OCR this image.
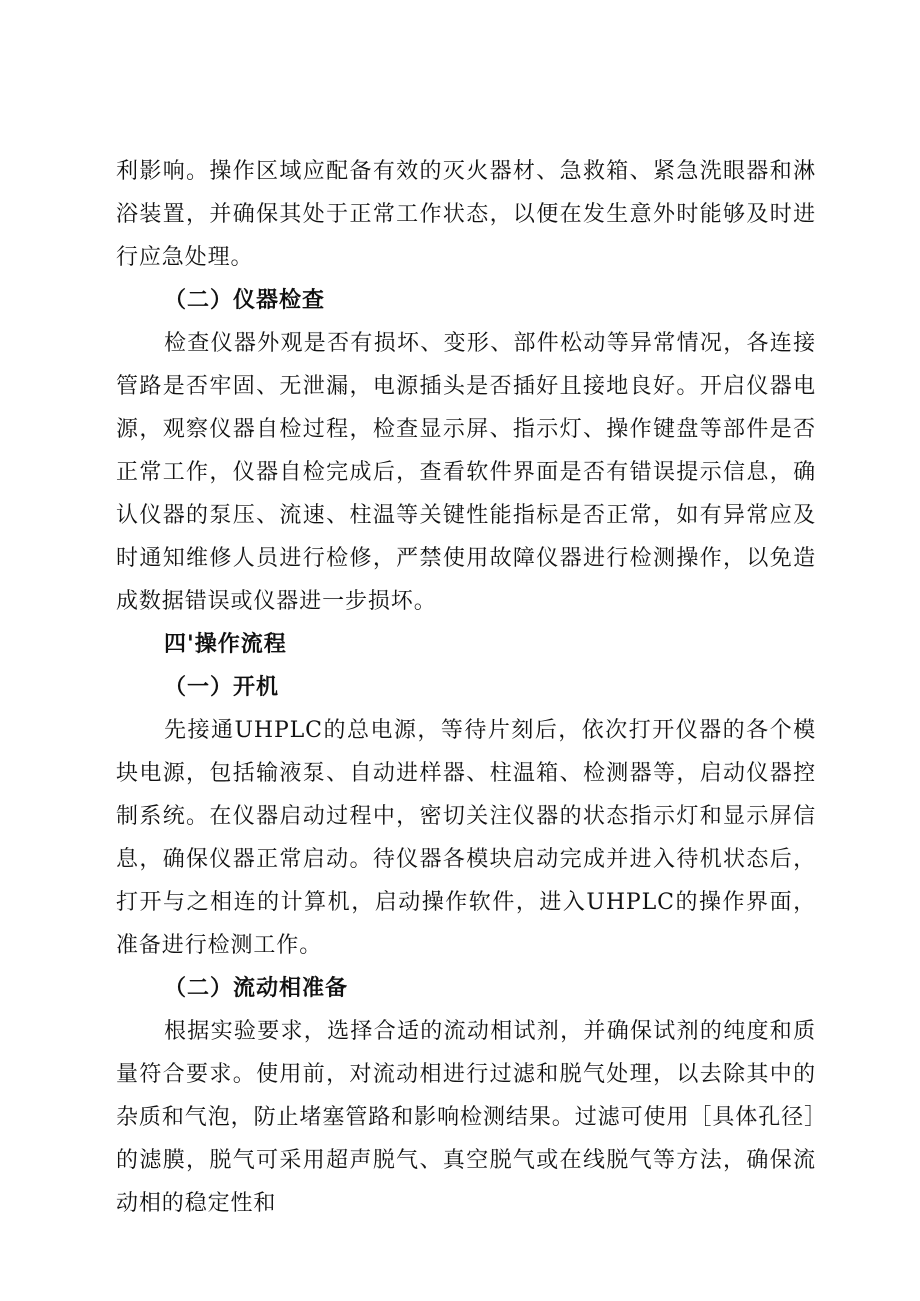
利影响。操作区域应配备有效的灭火器材、急救箱、紧急洗眼器和淋浴装置，并确保其处于正常工作状态，以便在发生意外时能够及时进行应急处理。

（二）仪器检查

检查仪器外观是否有损坏、变形、部件松动等异常情况，各连接管路是否牢固、无泄漏，电源插头是否插好且接地良好。开启仪器电源，观察仪器自检过程，检查显示屏、指示灯、操作键盘等部件是否正常工作，仪器自检完成后，查看软件界面是否有错误提示信息，确认仪器的泵压、流速、柱温等关键性能指标是否正常，如有异常应及时通知维修人员进行检修，严禁使用故障仪器进行检测操作，以免造成数据错误或仪器进一步损坏。

四'操作流程
（一）开机

先接通UHPLC的总电源，等待片刻后，依次打开仪器的各个模块电源，包括输液泵、自动进样器、柱温箱、检测器等，启动仪器控制系统。在仪器启动过程中，密切关注仪器的状态指示灯和显示屏信息，确保仪器正常启动。待仪器各模块启动完成并进入待机状态后，打开与之相连的计算机，启动操作软件，进入UHPLC的操作界面，准备进行检测工作。

（二）流动相准备

根据实验要求，选择合适的流动相试剂，并确保试剂的纯度和质量符合要求。使用前，对流动相进行过滤和脱气处理，以去除其中的杂质和气泡，防止堵塞管路和影响检测结果。过滤可使用［具体孔径］的滤膜，脱气可采用超声脱气、真空脱气或在线脱气等方法，确保流动相的稳定性和
